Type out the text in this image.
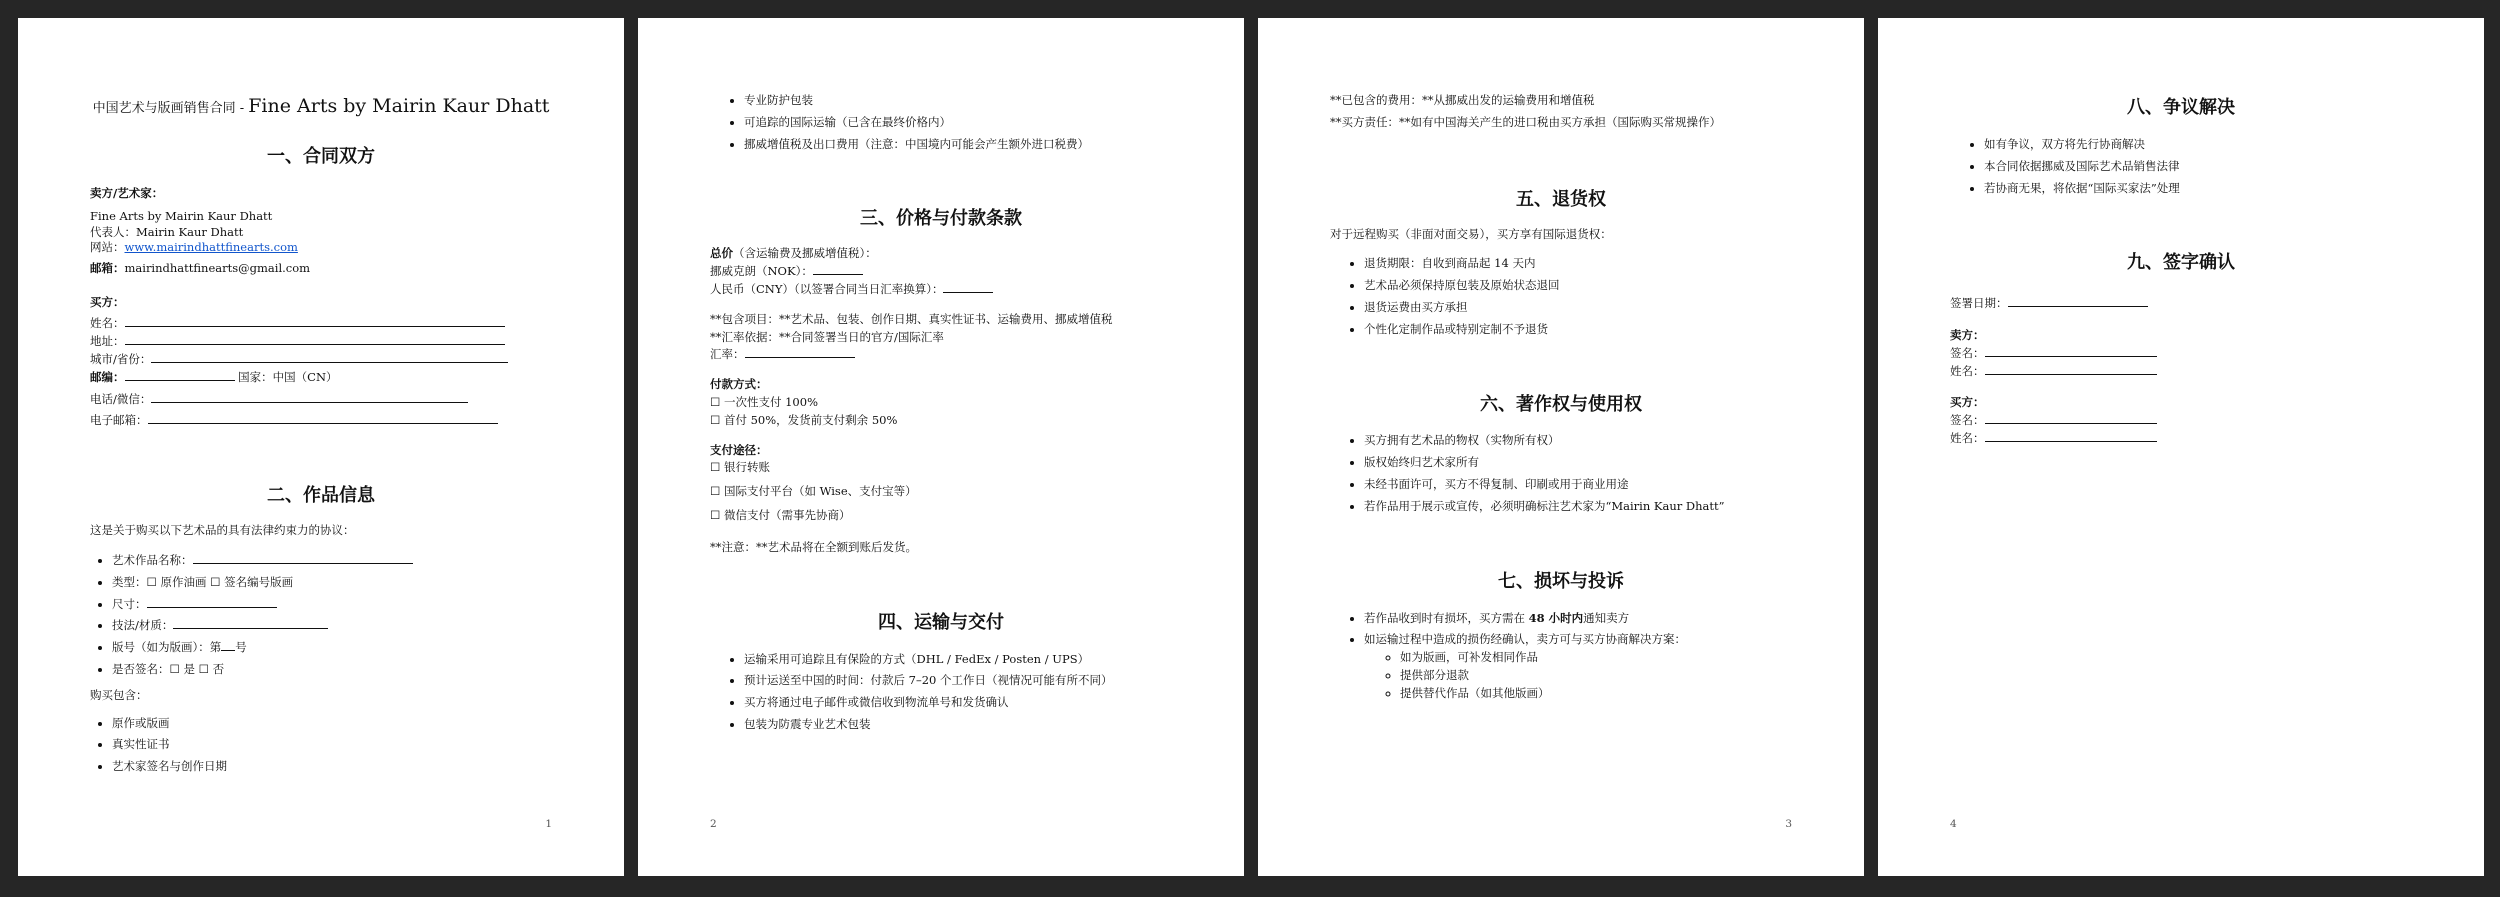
中国艺术与版画销售合同 - Fine Arts by Mairin Kaur Dhatt
一、合同双方

卖方/艺术家：

Fine Arts by Mairin Kaur Dhatt

代表人：Mairin Kaur Dhatt

网站：www.mairindhattfinearts.com

邮箱：mairindhattfinearts@gmail.com

买方：

姓名：

地址：

城市/省份：

邮编：	国家：中国（CN）

电话/微信：

电子邮箱：

二、作品信息

这是关于购买以下艺术品的具有法律约束力的协议：

• 艺术作品名称：
• 类型：☐ 原作油画 ☐ 签名编号版画
• 尺寸：
• 技法/材质：
• 版号（如为版画）：第 号
• 是否签名：☐ 是 ☐ 否

购买包含：

• 原作或版画
• 真实性证书
• 艺术家签名与创作日期
1
• 专业防护包装
• 可追踪的国际运输（已含在最终价格内）
• 挪威增值税及出口费用（注意：中国境内可能会产生额外进口税费）
三、价格与付款条款

总价（含运输费及挪威增值税）：

挪威克朗（NOK）：

人民币（CNY）（以签署合同当日汇率换算）：

**包含项目：**艺术品、包装、创作日期、真实性证书、运输费用、挪威增值税

**汇率依据：**合同签署当日的官方/国际汇率

汇率：

付款方式：

☐ 一次性支付 100%

☐ 首付 50%，发货前支付剩余 50%

支付途径：

☐ 银行转账

☐ 国际支付平台（如 Wise、支付宝等）

☐ 微信支付（需事先协商）

**注意：**艺术品将在全额到账后发货。

四、运输与交付
• 运输采用可追踪且有保险的方式（DHL / FedEx / Posten / UPS）
• 预计运送至中国的时间：付款后 7–20 个工作日（视情况可能有所不同）
• 买方将通过电子邮件或微信收到物流单号和发货确认
• 包装为防震专业艺术包装
2

**已包含的费用：**从挪威出发的运输费用和增值税

**买方责任：**如有中国海关产生的进口税由买方承担（国际购买常规操作）

五、退货权

对于远程购买（非面对面交易），买方享有国际退货权：

• 退货期限：自收到商品起 14 天内
• 艺术品必须保持原包装及原始状态退回
• 退货运费由买方承担
• 个性化定制作品或特别定制不予退货
六、著作权与使用权
• 买方拥有艺术品的物权（实物所有权）
• 版权始终归艺术家所有
• 未经书面许可，买方不得复制、印刷或用于商业用途
• 若作品用于展示或宣传，必须明确标注艺术家为“Mairin Kaur Dhatt”
七、损坏与投诉
• 若作品收到时有损坏，买方需在 48 小时内通知卖方
• 如运输过程中造成的损伤经确认，卖方可与买方协商解决方案：
◦ 如为版画，可补发相同作品
◦ 提供部分退款
◦ 提供替代作品（如其他版画）
3
八、争议解决
• 如有争议，双方将先行协商解决
• 本合同依据挪威及国际艺术品销售法律
• 若协商无果，将依据“国际买家法”处理
九、签字确认

签署日期：

卖方：

签名：

姓名：

买方：

签名：

姓名：

4
